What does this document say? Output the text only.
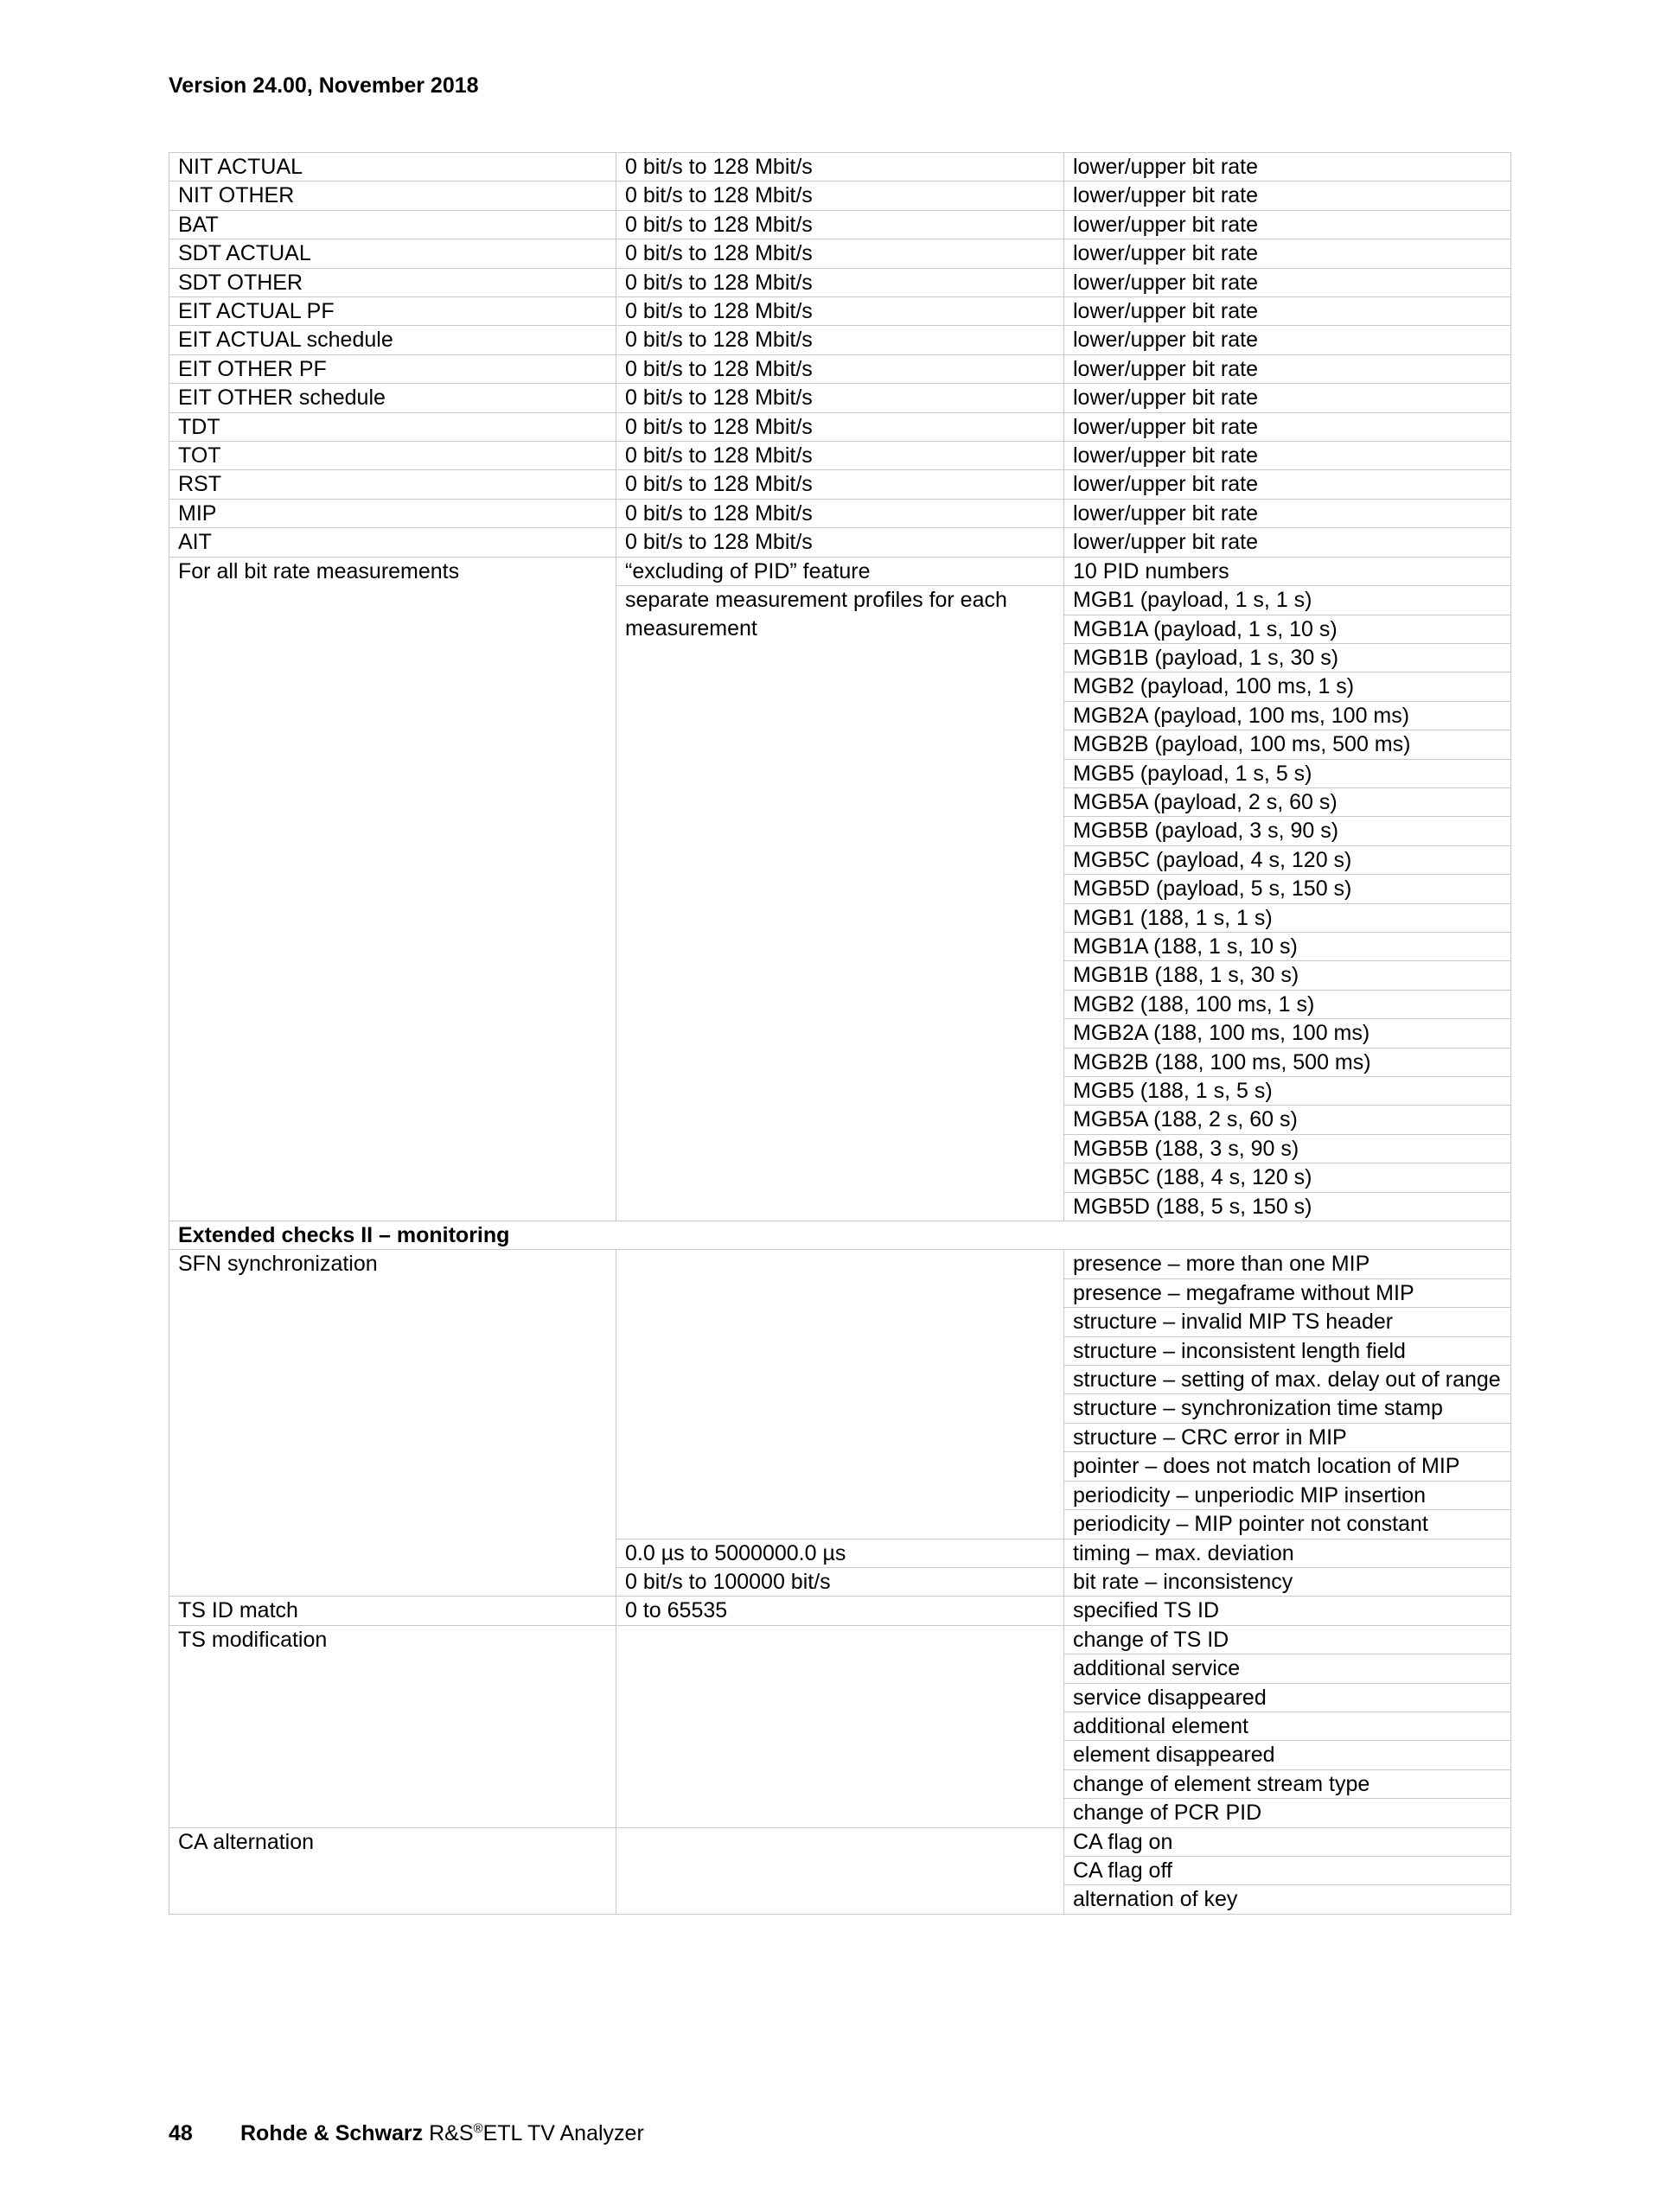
Version 24.00, November 2018
NIT ACTUAL	0 bit/s to 128 Mbit/s	lower/upper bit rate
NIT OTHER	0 bit/s to 128 Mbit/s	lower/upper bit rate
BAT	0 bit/s to 128 Mbit/s	lower/upper bit rate
SDT ACTUAL	0 bit/s to 128 Mbit/s	lower/upper bit rate
SDT OTHER	0 bit/s to 128 Mbit/s	lower/upper bit rate
EIT ACTUAL PF	0 bit/s to 128 Mbit/s	lower/upper bit rate
EIT ACTUAL schedule	0 bit/s to 128 Mbit/s	lower/upper bit rate
EIT OTHER PF	0 bit/s to 128 Mbit/s	lower/upper bit rate
EIT OTHER schedule	0 bit/s to 128 Mbit/s	lower/upper bit rate
TDT	0 bit/s to 128 Mbit/s	lower/upper bit rate
TOT	0 bit/s to 128 Mbit/s	lower/upper bit rate
RST	0 bit/s to 128 Mbit/s	lower/upper bit rate
MIP	0 bit/s to 128 Mbit/s	lower/upper bit rate
AIT	0 bit/s to 128 Mbit/s	lower/upper bit rate
For all bit rate measurements	“excluding of PID” feature	10 PID numbers
	separate measurement profiles for each measurement	MGB1 (payload, 1 s, 1 s)
		MGB1A (payload, 1 s, 10 s)
		MGB1B (payload, 1 s, 30 s)
		MGB2 (payload, 100 ms, 1 s)
		MGB2A (payload, 100 ms, 100 ms)
		MGB2B (payload, 100 ms, 500 ms)
		MGB5 (payload, 1 s, 5 s)
		MGB5A (payload, 2 s, 60 s)
		MGB5B (payload, 3 s, 90 s)
		MGB5C (payload, 4 s, 120 s)
		MGB5D (payload, 5 s, 150 s)
		MGB1 (188, 1 s, 1 s)
		MGB1A (188, 1 s, 10 s)
		MGB1B (188, 1 s, 30 s)
		MGB2 (188, 100 ms, 1 s)
		MGB2A (188, 100 ms, 100 ms)
		MGB2B (188, 100 ms, 500 ms)
		MGB5 (188, 1 s, 5 s)
		MGB5A (188, 2 s, 60 s)
		MGB5B (188, 3 s, 90 s)
		MGB5C (188, 4 s, 120 s)
		MGB5D (188, 5 s, 150 s)
Extended checks II – monitoring		
SFN synchronization		presence – more than one MIP
		presence – megaframe without MIP
		structure – invalid MIP TS header
		structure – inconsistent length field
		structure – setting of max. delay out of range
		structure – synchronization time stamp
		structure – CRC error in MIP
		pointer – does not match location of MIP
		periodicity – unperiodic MIP insertion
		periodicity – MIP pointer not constant
	0.0 µs to 5000000.0 µs	timing – max. deviation
	0 bit/s to 100000 bit/s	bit rate – inconsistency
TS ID match	0 to 65535	specified TS ID
TS modification		change of TS ID
		additional service
		service disappeared
		additional element
		element disappeared
		change of element stream type
		change of PCR PID
CA alternation		CA flag on
		CA flag off
		alternation of key
48 Rohde & Schwarz R&S®ETL TV Analyzer
